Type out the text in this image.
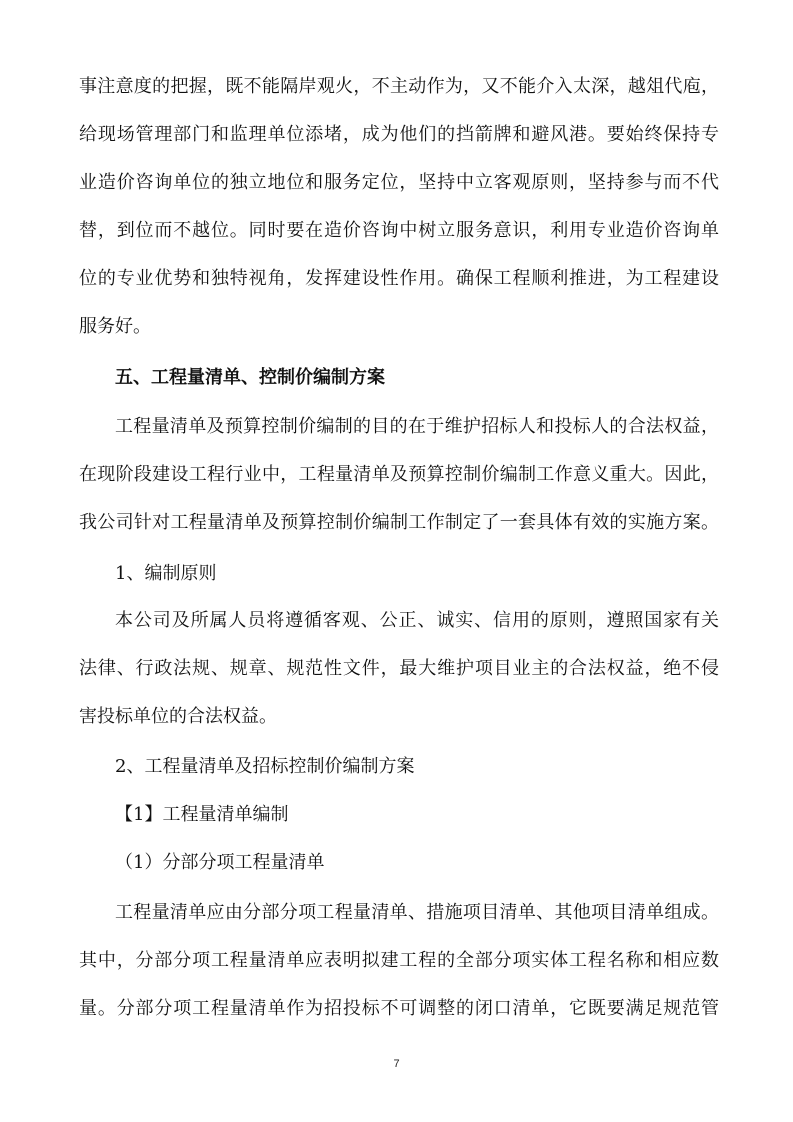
事注意度的把握，既不能隔岸观火，不主动作为，又不能介入太深，越俎代庖，
给现场管理部门和监理单位添堵，成为他们的挡箭牌和避风港。要始终保持专
业造价咨询单位的独立地位和服务定位，坚持中立客观原则，坚持参与而不代
替，到位而不越位。同时要在造价咨询中树立服务意识，利用专业造价咨询单
位的专业优势和独特视角，发挥建设性作用。确保工程顺利推进，为工程建设
服务好。
五、工程量清单、控制价编制方案
工程量清单及预算控制价编制的目的在于维护招标人和投标人的合法权益，
在现阶段建设工程行业中，工程量清单及预算控制价编制工作意义重大。因此，
我公司针对工程量清单及预算控制价编制工作制定了一套具体有效的实施方案。
1、编制原则
本公司及所属人员将遵循客观、公正、诚实、信用的原则，遵照国家有关
法律、行政法规、规章、规范性文件，最大维护项目业主的合法权益，绝不侵
害投标单位的合法权益。
2、工程量清单及招标控制价编制方案
【1】工程量清单编制
（1）分部分项工程量清单
工程量清单应由分部分项工程量清单、措施项目清单、其他项目清单组成。
其中，分部分项工程量清单应表明拟建工程的全部分项实体工程名称和相应数
量。分部分项工程量清单作为招投标不可调整的闭口清单，它既要满足规范管
7
